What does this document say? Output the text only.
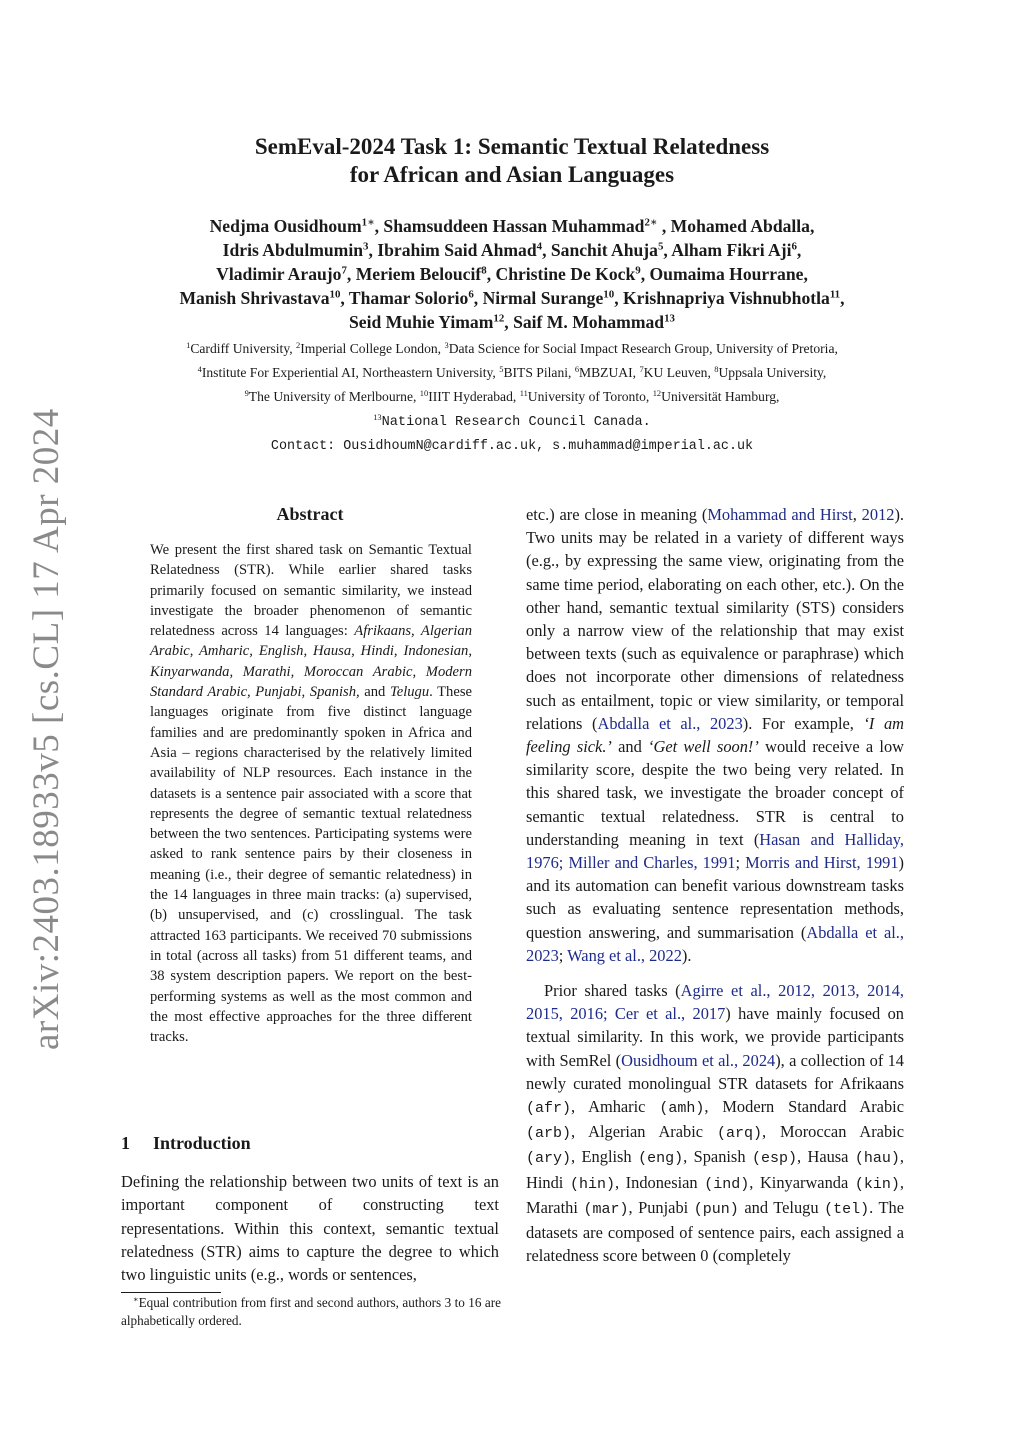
arXiv:2403.18933v5 [cs.CL] 17 Apr 2024
SemEval-2024 Task 1: Semantic Textual Relatedness
for African and Asian Languages
Nedjma Ousidhoum$^{1∗}$, Shamsuddeen Hassan Muhammad$^{2∗}$ , Mohamed Abdalla,
Idris Abdulmumin$^3$, Ibrahim Said Ahmad$^4$, Sanchit Ahuja$^5$, Alham Fikri Aji$^6$,
Vladimir Araujo$^7$, Meriem Beloucif$^8$, Christine De Kock$^9$, Oumaima Hourrane,
Manish Shrivastava$^{10}$, Thamar Solorio$^6$, Nirmal Surange$^{10}$, Krishnapriya Vishnubhotla$^{11}$,
Seid Muhie Yimam$^{12}$, Saif M. Mohammad$^{13}$
$^1$Cardiff University, $^2$Imperial College London, $^3$Data Science for Social Impact Research Group, University of Pretoria,
$^4$Institute For Experiential AI, Northeastern University, $^5$BITS Pilani, $^6$MBZUAI, $^7$KU Leuven, $^8$Uppsala University,
$^9$The University of Merlbourne, $^{10}$IIIT Hyderabad, $^{11}$University of Toronto, $^{12}$Universität Hamburg,
$^{13}$National Research Council Canada.
Contact: OusidhoumN@cardiff.ac.uk, s.muhammad@imperial.ac.uk
Abstract
We present the first shared task on Semantic Textual Relatedness (STR). While earlier shared tasks primarily focused on semantic similarity, we instead investigate the broader phenomenon of semantic relatedness across 14 languages: Afrikaans, Algerian Arabic, Amharic, English, Hausa, Hindi, Indonesian, Kinyarwanda, Marathi, Moroccan Arabic, Modern Standard Arabic, Punjabi, Spanish, and Telugu. These languages originate from five distinct language families and are predominantly spoken in Africa and Asia – regions characterised by the relatively limited availability of NLP resources. Each instance in the datasets is a sentence pair associated with a score that represents the degree of semantic textual relatedness between the two sentences. Participating systems were asked to rank sentence pairs by their closeness in meaning (i.e., their degree of semantic relatedness) in the 14 languages in three main tracks: (a) supervised, (b) unsupervised, and (c) crosslingual. The task attracted 163 participants. We received 70 submissions in total (across all tasks) from 51 different teams, and 38 system description papers. We report on the best-performing systems as well as the most common and the most effective approaches for the three different tracks.
1 Introduction
Defining the relationship between two units of text is an important component of constructing text representations. Within this context, semantic textual relatedness (STR) aims to capture the degree to which two linguistic units (e.g., words or sentences,
∗Equal contribution from first and second authors, authors 3 to 16 are alphabetically ordered.

etc.) are close in meaning (Mohammad and Hirst, 2012). Two units may be related in a variety of different ways (e.g., by expressing the same view, originating from the same time period, elaborating on each other, etc.). On the other hand, semantic textual similarity (STS) considers only a narrow view of the relationship that may exist between texts (such as equivalence or paraphrase) which does not incorporate other dimensions of relatedness such as entailment, topic or view similarity, or temporal relations (Abdalla et al., 2023). For example, ‘I am feeling sick.’ and ‘Get well soon!’ would receive a low similarity score, despite the two being very related. In this shared task, we investigate the broader concept of semantic textual relatedness. STR is central to understanding meaning in text (Hasan and Halliday, 1976; Miller and Charles, 1991; Morris and Hirst, 1991) and its automation can benefit various downstream tasks such as evaluating sentence representation methods, question answering, and summarisation (Abdalla et al., 2023; Wang et al., 2022).

Prior shared tasks (Agirre et al., 2012, 2013, 2014, 2015, 2016; Cer et al., 2017) have mainly focused on textual similarity. In this work, we provide participants with SemRel (Ousidhoum et al., 2024), a collection of 14 newly curated monolingual STR datasets for Afrikaans (afr), Amharic (amh), Modern Standard Arabic (arb), Algerian Arabic (arq), Moroccan Arabic (ary), English (eng), Spanish (esp), Hausa (hau), Hindi (hin), Indonesian (ind), Kinyarwanda (kin), Marathi (mar), Punjabi (pun) and Telugu (tel). The datasets are composed of sentence pairs, each assigned a relatedness score between 0 (completely
